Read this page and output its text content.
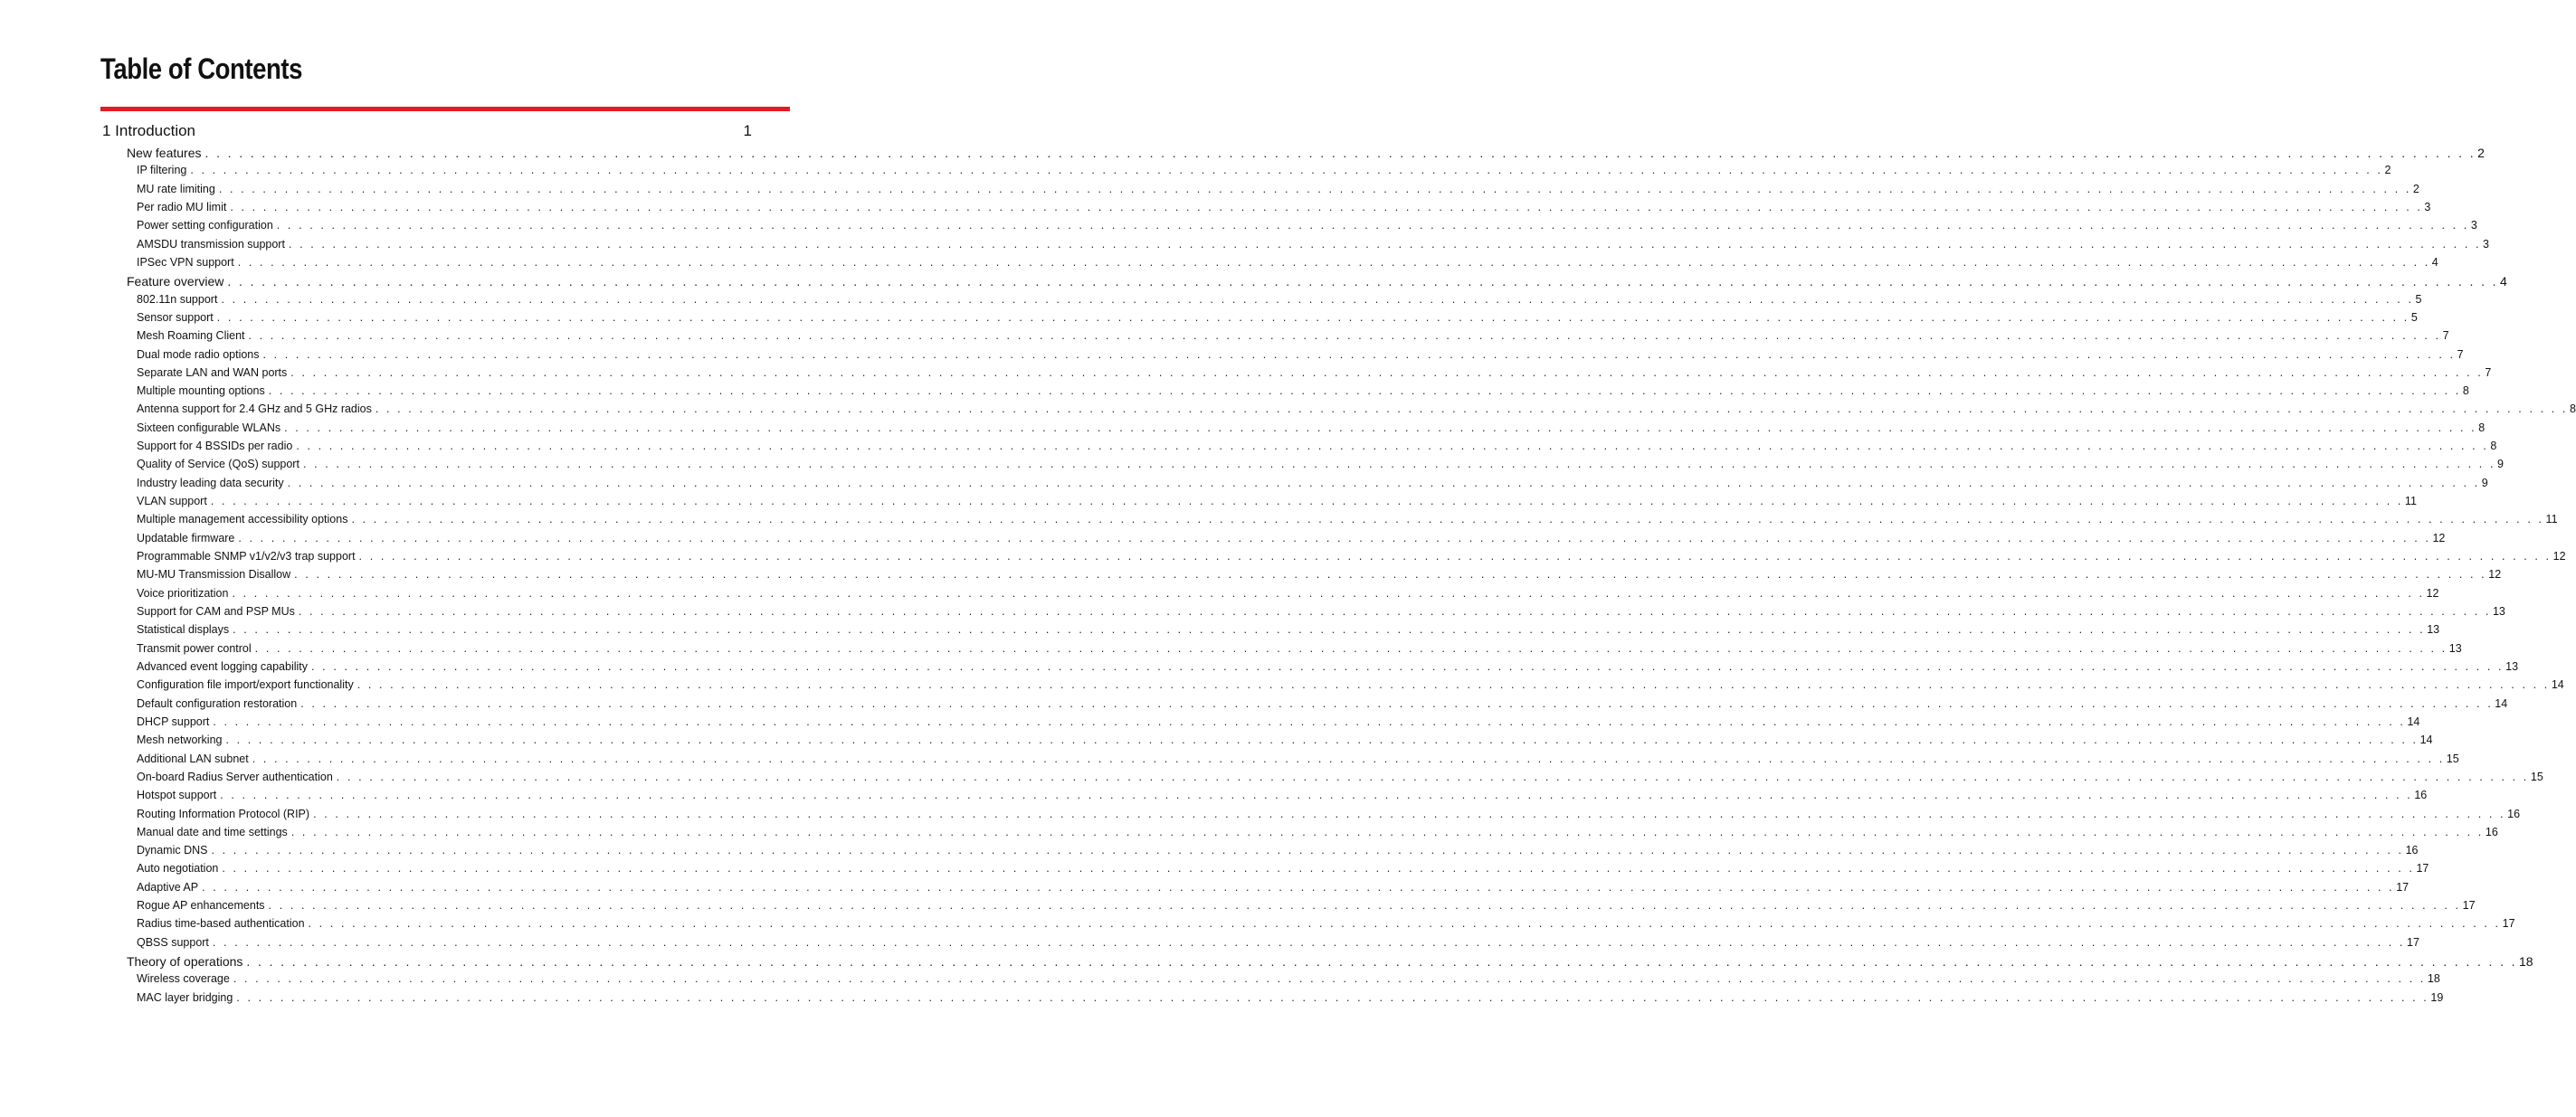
Table of Contents
1 Introduction	1
New features . . . . . . . . . . . . . . . . . . . . . . . . . . . . . . . . . . . . . . . . . . . . . . . . . . . . . . . . . . . . . . . . . . . . . . . . . . . . . . . . . . . . . . . . . . . . . . . . . . . . . . . . . . . . . . . . . . . . . . . . . . . . . . . . . . . . . . . . . . . . . . . . . . . . . . . . . . . . . . . . . . . . . . . . . . . . . . . . . . . . . . . . . . . . . . . . . . . . . . . . 2
IP filtering . . . . . . . . . . . . . . . . . . . . . . . . . . . . . . . . . . . . . . . . . . . . . . . . . . . . . . . . . . . . . . . . . . . . . . . . . . . . . . . . . . . . . . . . . . . . . . . . . . . . . . . . . . . . . . . . . . . . . . . . . . . . . . . . . . . . . . . . . . . . . . . . . . . . . . . . . . . . . . . . . . . . . . . . . . . . . . . . . . . . . . . . . . . . . . . . . . . . . . . . 2
MU rate limiting . . . . . . . . . . . . . . . . . . . . . . . . . . . . . . . . . . . . . . . . . . . . . . . . . . . . . . . . . . . . . . . . . . . . . . . . . . . . . . . . . . . . . . . . . . . . . . . . . . . . . . . . . . . . . . . . . . . . . . . . . . . . . . . . . . . . . . . . . . . . . . . . . . . . . . . . . . . . . . . . . . . . . . . . . . . . . . . . . . . . . . . . . . . . . . . . . . . . . . . . 2
Per radio MU limit . . . . . . . . . . . . . . . . . . . . . . . . . . . . . . . . . . . . . . . . . . . . . . . . . . . . . . . . . . . . . . . . . . . . . . . . . . . . . . . . . . . . . . . . . . . . . . . . . . . . . . . . . . . . . . . . . . . . . . . . . . . . . . . . . . . . . . . . . . . . . . . . . . . . . . . . . . . . . . . . . . . . . . . . . . . . . . . . . . . . . . . . . . . . . . . . . . . . . . . . 3
Power setting configuration . . . . . . . . . . . . . . . . . . . . . . . . . . . . . . . . . . . . . . . . . . . . . . . . . . . . . . . . . . . . . . . . . . . . . . . . . . . . . . . . . . . . . . . . . . . . . . . . . . . . . . . . . . . . . . . . . . . . . . . . . . . . . . . . . . . . . . . . . . . . . . . . . . . . . . . . . . . . . . . . . . . . . . . . . . . . . . . . . . . . . . . . . . . . . . . . . . . . . . . . 3
AMSDU transmission support . . . . . . . . . . . . . . . . . . . . . . . . . . . . . . . . . . . . . . . . . . . . . . . . . . . . . . . . . . . . . . . . . . . . . . . . . . . . . . . . . . . . . . . . . . . . . . . . . . . . . . . . . . . . . . . . . . . . . . . . . . . . . . . . . . . . . . . . . . . . . . . . . . . . . . . . . . . . . . . . . . . . . . . . . . . . . . . . . . . . . . . . . . . . . . . . . . . . . . . . 3
IPSec VPN support . . . . . . . . . . . . . . . . . . . . . . . . . . . . . . . . . . . . . . . . . . . . . . . . . . . . . . . . . . . . . . . . . . . . . . . . . . . . . . . . . . . . . . . . . . . . . . . . . . . . . . . . . . . . . . . . . . . . . . . . . . . . . . . . . . . . . . . . . . . . . . . . . . . . . . . . . . . . . . . . . . . . . . . . . . . . . . . . . . . . . . . . . . . . . . . . . . . . . . . . 4
Feature overview . . . . . . . . . . . . . . . . . . . . . . . . . . . . . . . . . . . . . . . . . . . . . . . . . . . . . . . . . . . . . . . . . . . . . . . . . . . . . . . . . . . . . . . . . . . . . . . . . . . . . . . . . . . . . . . . . . . . . . . . . . . . . . . . . . . . . . . . . . . . . . . . . . . . . . . . . . . . . . . . . . . . . . . . . . . . . . . . . . . . . . . . . . . . . . . . . . . . . . . . 4
802.11n support . . . . . . . . . . . . . . . . . . . . . . . . . . . . . . . . . . . . . . . . . . . . . . . . . . . . . . . . . . . . . . . . . . . . . . . . . . . . . . . . . . . . . . . . . . . . . . . . . . . . . . . . . . . . . . . . . . . . . . . . . . . . . . . . . . . . . . . . . . . . . . . . . . . . . . . . . . . . . . . . . . . . . . . . . . . . . . . . . . . . . . . . . . . . . . . . . . . . . . . . 5
Sensor support . . . . . . . . . . . . . . . . . . . . . . . . . . . . . . . . . . . . . . . . . . . . . . . . . . . . . . . . . . . . . . . . . . . . . . . . . . . . . . . . . . . . . . . . . . . . . . . . . . . . . . . . . . . . . . . . . . . . . . . . . . . . . . . . . . . . . . . . . . . . . . . . . . . . . . . . . . . . . . . . . . . . . . . . . . . . . . . . . . . . . . . . . . . . . . . . . . . . . . . . 5
Mesh Roaming Client . . . . . . . . . . . . . . . . . . . . . . . . . . . . . . . . . . . . . . . . . . . . . . . . . . . . . . . . . . . . . . . . . . . . . . . . . . . . . . . . . . . . . . . . . . . . . . . . . . . . . . . . . . . . . . . . . . . . . . . . . . . . . . . . . . . . . . . . . . . . . . . . . . . . . . . . . . . . . . . . . . . . . . . . . . . . . . . . . . . . . . . . . . . . . . . . . . . . . . . . 7
Dual mode radio options . . . . . . . . . . . . . . . . . . . . . . . . . . . . . . . . . . . . . . . . . . . . . . . . . . . . . . . . . . . . . . . . . . . . . . . . . . . . . . . . . . . . . . . . . . . . . . . . . . . . . . . . . . . . . . . . . . . . . . . . . . . . . . . . . . . . . . . . . . . . . . . . . . . . . . . . . . . . . . . . . . . . . . . . . . . . . . . . . . . . . . . . . . . . . . . . . . . . . . . . 7
Separate LAN and WAN ports . . . . . . . . . . . . . . . . . . . . . . . . . . . . . . . . . . . . . . . . . . . . . . . . . . . . . . . . . . . . . . . . . . . . . . . . . . . . . . . . . . . . . . . . . . . . . . . . . . . . . . . . . . . . . . . . . . . . . . . . . . . . . . . . . . . . . . . . . . . . . . . . . . . . . . . . . . . . . . . . . . . . . . . . . . . . . . . . . . . . . . . . . . . . . . . . . . . . . . . . 7
Multiple mounting options . . . . . . . . . . . . . . . . . . . . . . . . . . . . . . . . . . . . . . . . . . . . . . . . . . . . . . . . . . . . . . . . . . . . . . . . . . . . . . . . . . . . . . . . . . . . . . . . . . . . . . . . . . . . . . . . . . . . . . . . . . . . . . . . . . . . . . . . . . . . . . . . . . . . . . . . . . . . . . . . . . . . . . . . . . . . . . . . . . . . . . . . . . . . . . . . . . . . . . . . 8
Antenna support for 2.4 GHz and 5 GHz radios . . . . . . . . . . . . . . . . . . . . . . . . . . . . . . . . . . . . . . . . . . . . . . . . . . . . . . . . . . . . . . . . . . . . . . . . . . . . . . . . . . . . . . . . . . . . . . . . . . . . . . . . . . . . . . . . . . . . . . . . . . . . . . . . . . . . . . . . . . . . . . . . . . . . . . . . . . . . . . . . . . . . . . . . . . . . . . . . . . . . . . . . . . . . . . . . . . . . . . . . 8
Sixteen configurable WLANs . . . . . . . . . . . . . . . . . . . . . . . . . . . . . . . . . . . . . . . . . . . . . . . . . . . . . . . . . . . . . . . . . . . . . . . . . . . . . . . . . . . . . . . . . . . . . . . . . . . . . . . . . . . . . . . . . . . . . . . . . . . . . . . . . . . . . . . . . . . . . . . . . . . . . . . . . . . . . . . . . . . . . . . . . . . . . . . . . . . . . . . . . . . . . . . . . . . . . . . . 8
Support for 4 BSSIDs per radio . . . . . . . . . . . . . . . . . . . . . . . . . . . . . . . . . . . . . . . . . . . . . . . . . . . . . . . . . . . . . . . . . . . . . . . . . . . . . . . . . . . . . . . . . . . . . . . . . . . . . . . . . . . . . . . . . . . . . . . . . . . . . . . . . . . . . . . . . . . . . . . . . . . . . . . . . . . . . . . . . . . . . . . . . . . . . . . . . . . . . . . . . . . . . . . . . . . . . . . . 8
Quality of Service (QoS) support . . . . . . . . . . . . . . . . . . . . . . . . . . . . . . . . . . . . . . . . . . . . . . . . . . . . . . . . . . . . . . . . . . . . . . . . . . . . . . . . . . . . . . . . . . . . . . . . . . . . . . . . . . . . . . . . . . . . . . . . . . . . . . . . . . . . . . . . . . . . . . . . . . . . . . . . . . . . . . . . . . . . . . . . . . . . . . . . . . . . . . . . . . . . . . . . . . . . . . . . 9
Industry leading data security . . . . . . . . . . . . . . . . . . . . . . . . . . . . . . . . . . . . . . . . . . . . . . . . . . . . . . . . . . . . . . . . . . . . . . . . . . . . . . . . . . . . . . . . . . . . . . . . . . . . . . . . . . . . . . . . . . . . . . . . . . . . . . . . . . . . . . . . . . . . . . . . . . . . . . . . . . . . . . . . . . . . . . . . . . . . . . . . . . . . . . . . . . . . . . . . . . . . . . . . 9
VLAN support . . . . . . . . . . . . . . . . . . . . . . . . . . . . . . . . . . . . . . . . . . . . . . . . . . . . . . . . . . . . . . . . . . . . . . . . . . . . . . . . . . . . . . . . . . . . . . . . . . . . . . . . . . . . . . . . . . . . . . . . . . . . . . . . . . . . . . . . . . . . . . . . . . . . . . . . . . . . . . . . . . . . . . . . . . . . . . . . . . . . . . . . . . . . . . . . . . . . . . . . 11
Multiple management accessibility options . . . . . . . . . . . . . . . . . . . . . . . . . . . . . . . . . . . . . . . . . . . . . . . . . . . . . . . . . . . . . . . . . . . . . . . . . . . . . . . . . . . . . . . . . . . . . . . . . . . . . . . . . . . . . . . . . . . . . . . . . . . . . . . . . . . . . . . . . . . . . . . . . . . . . . . . . . . . . . . . . . . . . . . . . . . . . . . . . . . . . . . . . . . . . . . . . . . . . . . . 11
Updatable firmware . . . . . . . . . . . . . . . . . . . . . . . . . . . . . . . . . . . . . . . . . . . . . . . . . . . . . . . . . . . . . . . . . . . . . . . . . . . . . . . . . . . . . . . . . . . . . . . . . . . . . . . . . . . . . . . . . . . . . . . . . . . . . . . . . . . . . . . . . . . . . . . . . . . . . . . . . . . . . . . . . . . . . . . . . . . . . . . . . . . . . . . . . . . . . . . . . . . . . . . . 12
Programmable SNMP v1/v2/v3 trap support . . . . . . . . . . . . . . . . . . . . . . . . . . . . . . . . . . . . . . . . . . . . . . . . . . . . . . . . . . . . . . . . . . . . . . . . . . . . . . . . . . . . . . . . . . . . . . . . . . . . . . . . . . . . . . . . . . . . . . . . . . . . . . . . . . . . . . . . . . . . . . . . . . . . . . . . . . . . . . . . . . . . . . . . . . . . . . . . . . . . . . . . . . . . . . . . . . . . . . . . 12
MU-MU Transmission Disallow . . . . . . . . . . . . . . . . . . . . . . . . . . . . . . . . . . . . . . . . . . . . . . . . . . . . . . . . . . . . . . . . . . . . . . . . . . . . . . . . . . . . . . . . . . . . . . . . . . . . . . . . . . . . . . . . . . . . . . . . . . . . . . . . . . . . . . . . . . . . . . . . . . . . . . . . . . . . . . . . . . . . . . . . . . . . . . . . . . . . . . . . . . . . . . . . . . . . . . . . 12
Voice prioritization . . . . . . . . . . . . . . . . . . . . . . . . . . . . . . . . . . . . . . . . . . . . . . . . . . . . . . . . . . . . . . . . . . . . . . . . . . . . . . . . . . . . . . . . . . . . . . . . . . . . . . . . . . . . . . . . . . . . . . . . . . . . . . . . . . . . . . . . . . . . . . . . . . . . . . . . . . . . . . . . . . . . . . . . . . . . . . . . . . . . . . . . . . . . . . . . . . . . . . . . 12
Support for CAM and PSP MUs . . . . . . . . . . . . . . . . . . . . . . . . . . . . . . . . . . . . . . . . . . . . . . . . . . . . . . . . . . . . . . . . . . . . . . . . . . . . . . . . . . . . . . . . . . . . . . . . . . . . . . . . . . . . . . . . . . . . . . . . . . . . . . . . . . . . . . . . . . . . . . . . . . . . . . . . . . . . . . . . . . . . . . . . . . . . . . . . . . . . . . . . . . . . . . . . . . . . . . . . 13
Statistical displays . . . . . . . . . . . . . . . . . . . . . . . . . . . . . . . . . . . . . . . . . . . . . . . . . . . . . . . . . . . . . . . . . . . . . . . . . . . . . . . . . . . . . . . . . . . . . . . . . . . . . . . . . . . . . . . . . . . . . . . . . . . . . . . . . . . . . . . . . . . . . . . . . . . . . . . . . . . . . . . . . . . . . . . . . . . . . . . . . . . . . . . . . . . . . . . . . . . . . . . . 13
Transmit power control . . . . . . . . . . . . . . . . . . . . . . . . . . . . . . . . . . . . . . . . . . . . . . . . . . . . . . . . . . . . . . . . . . . . . . . . . . . . . . . . . . . . . . . . . . . . . . . . . . . . . . . . . . . . . . . . . . . . . . . . . . . . . . . . . . . . . . . . . . . . . . . . . . . . . . . . . . . . . . . . . . . . . . . . . . . . . . . . . . . . . . . . . . . . . . . . . . . . . . . . 13
Advanced event logging capability . . . . . . . . . . . . . . . . . . . . . . . . . . . . . . . . . . . . . . . . . . . . . . . . . . . . . . . . . . . . . . . . . . . . . . . . . . . . . . . . . . . . . . . . . . . . . . . . . . . . . . . . . . . . . . . . . . . . . . . . . . . . . . . . . . . . . . . . . . . . . . . . . . . . . . . . . . . . . . . . . . . . . . . . . . . . . . . . . . . . . . . . . . . . . . . . . . . . . . . . 13
Configuration file import/export functionality . . . . . . . . . . . . . . . . . . . . . . . . . . . . . . . . . . . . . . . . . . . . . . . . . . . . . . . . . . . . . . . . . . . . . . . . . . . . . . . . . . . . . . . . . . . . . . . . . . . . . . . . . . . . . . . . . . . . . . . . . . . . . . . . . . . . . . . . . . . . . . . . . . . . . . . . . . . . . . . . . . . . . . . . . . . . . . . . . . . . . . . . . . . . . . . . . . . . . . . . 14
Default configuration restoration . . . . . . . . . . . . . . . . . . . . . . . . . . . . . . . . . . . . . . . . . . . . . . . . . . . . . . . . . . . . . . . . . . . . . . . . . . . . . . . . . . . . . . . . . . . . . . . . . . . . . . . . . . . . . . . . . . . . . . . . . . . . . . . . . . . . . . . . . . . . . . . . . . . . . . . . . . . . . . . . . . . . . . . . . . . . . . . . . . . . . . . . . . . . . . . . . . . . . . . . 14
DHCP support . . . . . . . . . . . . . . . . . . . . . . . . . . . . . . . . . . . . . . . . . . . . . . . . . . . . . . . . . . . . . . . . . . . . . . . . . . . . . . . . . . . . . . . . . . . . . . . . . . . . . . . . . . . . . . . . . . . . . . . . . . . . . . . . . . . . . . . . . . . . . . . . . . . . . . . . . . . . . . . . . . . . . . . . . . . . . . . . . . . . . . . . . . . . . . . . . . . . . . . . 14
Mesh networking . . . . . . . . . . . . . . . . . . . . . . . . . . . . . . . . . . . . . . . . . . . . . . . . . . . . . . . . . . . . . . . . . . . . . . . . . . . . . . . . . . . . . . . . . . . . . . . . . . . . . . . . . . . . . . . . . . . . . . . . . . . . . . . . . . . . . . . . . . . . . . . . . . . . . . . . . . . . . . . . . . . . . . . . . . . . . . . . . . . . . . . . . . . . . . . . . . . . . . . . 14
Additional LAN subnet . . . . . . . . . . . . . . . . . . . . . . . . . . . . . . . . . . . . . . . . . . . . . . . . . . . . . . . . . . . . . . . . . . . . . . . . . . . . . . . . . . . . . . . . . . . . . . . . . . . . . . . . . . . . . . . . . . . . . . . . . . . . . . . . . . . . . . . . . . . . . . . . . . . . . . . . . . . . . . . . . . . . . . . . . . . . . . . . . . . . . . . . . . . . . . . . . . . . . . . . 15
On-board Radius Server authentication . . . . . . . . . . . . . . . . . . . . . . . . . . . . . . . . . . . . . . . . . . . . . . . . . . . . . . . . . . . . . . . . . . . . . . . . . . . . . . . . . . . . . . . . . . . . . . . . . . . . . . . . . . . . . . . . . . . . . . . . . . . . . . . . . . . . . . . . . . . . . . . . . . . . . . . . . . . . . . . . . . . . . . . . . . . . . . . . . . . . . . . . . . . . . . . . . . . . . . . . 15
Hotspot support . . . . . . . . . . . . . . . . . . . . . . . . . . . . . . . . . . . . . . . . . . . . . . . . . . . . . . . . . . . . . . . . . . . . . . . . . . . . . . . . . . . . . . . . . . . . . . . . . . . . . . . . . . . . . . . . . . . . . . . . . . . . . . . . . . . . . . . . . . . . . . . . . . . . . . . . . . . . . . . . . . . . . . . . . . . . . . . . . . . . . . . . . . . . . . . . . . . . . . . . 16
Routing Information Protocol (RIP) . . . . . . . . . . . . . . . . . . . . . . . . . . . . . . . . . . . . . . . . . . . . . . . . . . . . . . . . . . . . . . . . . . . . . . . . . . . . . . . . . . . . . . . . . . . . . . . . . . . . . . . . . . . . . . . . . . . . . . . . . . . . . . . . . . . . . . . . . . . . . . . . . . . . . . . . . . . . . . . . . . . . . . . . . . . . . . . . . . . . . . . . . . . . . . . . . . . . . . . . 16
Manual date and time settings . . . . . . . . . . . . . . . . . . . . . . . . . . . . . . . . . . . . . . . . . . . . . . . . . . . . . . . . . . . . . . . . . . . . . . . . . . . . . . . . . . . . . . . . . . . . . . . . . . . . . . . . . . . . . . . . . . . . . . . . . . . . . . . . . . . . . . . . . . . . . . . . . . . . . . . . . . . . . . . . . . . . . . . . . . . . . . . . . . . . . . . . . . . . . . . . . . . . . . . . 16
Dynamic DNS . . . . . . . . . . . . . . . . . . . . . . . . . . . . . . . . . . . . . . . . . . . . . . . . . . . . . . . . . . . . . . . . . . . . . . . . . . . . . . . . . . . . . . . . . . . . . . . . . . . . . . . . . . . . . . . . . . . . . . . . . . . . . . . . . . . . . . . . . . . . . . . . . . . . . . . . . . . . . . . . . . . . . . . . . . . . . . . . . . . . . . . . . . . . . . . . . . . . . . . . 16
Auto negotiation . . . . . . . . . . . . . . . . . . . . . . . . . . . . . . . . . . . . . . . . . . . . . . . . . . . . . . . . . . . . . . . . . . . . . . . . . . . . . . . . . . . . . . . . . . . . . . . . . . . . . . . . . . . . . . . . . . . . . . . . . . . . . . . . . . . . . . . . . . . . . . . . . . . . . . . . . . . . . . . . . . . . . . . . . . . . . . . . . . . . . . . . . . . . . . . . . . . . . . . . 17
Adaptive AP . . . . . . . . . . . . . . . . . . . . . . . . . . . . . . . . . . . . . . . . . . . . . . . . . . . . . . . . . . . . . . . . . . . . . . . . . . . . . . . . . . . . . . . . . . . . . . . . . . . . . . . . . . . . . . . . . . . . . . . . . . . . . . . . . . . . . . . . . . . . . . . . . . . . . . . . . . . . . . . . . . . . . . . . . . . . . . . . . . . . . . . . . . . . . . . . . . . . . . . . 17
Rogue AP enhancements . . . . . . . . . . . . . . . . . . . . . . . . . . . . . . . . . . . . . . . . . . . . . . . . . . . . . . . . . . . . . . . . . . . . . . . . . . . . . . . . . . . . . . . . . . . . . . . . . . . . . . . . . . . . . . . . . . . . . . . . . . . . . . . . . . . . . . . . . . . . . . . . . . . . . . . . . . . . . . . . . . . . . . . . . . . . . . . . . . . . . . . . . . . . . . . . . . . . . . . . 17
Radius time-based authentication . . . . . . . . . . . . . . . . . . . . . . . . . . . . . . . . . . . . . . . . . . . . . . . . . . . . . . . . . . . . . . . . . . . . . . . . . . . . . . . . . . . . . . . . . . . . . . . . . . . . . . . . . . . . . . . . . . . . . . . . . . . . . . . . . . . . . . . . . . . . . . . . . . . . . . . . . . . . . . . . . . . . . . . . . . . . . . . . . . . . . . . . . . . . . . . . . . . . . . . . 17
QBSS support . . . . . . . . . . . . . . . . . . . . . . . . . . . . . . . . . . . . . . . . . . . . . . . . . . . . . . . . . . . . . . . . . . . . . . . . . . . . . . . . . . . . . . . . . . . . . . . . . . . . . . . . . . . . . . . . . . . . . . . . . . . . . . . . . . . . . . . . . . . . . . . . . . . . . . . . . . . . . . . . . . . . . . . . . . . . . . . . . . . . . . . . . . . . . . . . . . . . . . . . 17
Theory of operations . . . . . . . . . . . . . . . . . . . . . . . . . . . . . . . . . . . . . . . . . . . . . . . . . . . . . . . . . . . . . . . . . . . . . . . . . . . . . . . . . . . . . . . . . . . . . . . . . . . . . . . . . . . . . . . . . . . . . . . . . . . . . . . . . . . . . . . . . . . . . . . . . . . . . . . . . . . . . . . . . . . . . . . . . . . . . . . . . . . . . . . . . . . . . . . . . . . . . . . . 18
Wireless coverage . . . . . . . . . . . . . . . . . . . . . . . . . . . . . . . . . . . . . . . . . . . . . . . . . . . . . . . . . . . . . . . . . . . . . . . . . . . . . . . . . . . . . . . . . . . . . . . . . . . . . . . . . . . . . . . . . . . . . . . . . . . . . . . . . . . . . . . . . . . . . . . . . . . . . . . . . . . . . . . . . . . . . . . . . . . . . . . . . . . . . . . . . . . . . . . . . . . . . . . . 18
MAC layer bridging . . . . . . . . . . . . . . . . . . . . . . . . . . . . . . . . . . . . . . . . . . . . . . . . . . . . . . . . . . . . . . . . . . . . . . . . . . . . . . . . . . . . . . . . . . . . . . . . . . . . . . . . . . . . . . . . . . . . . . . . . . . . . . . . . . . . . . . . . . . . . . . . . . . . . . . . . . . . . . . . . . . . . . . . . . . . . . . . . . . . . . . . . . . . . . . . . . . . . . . . 19
